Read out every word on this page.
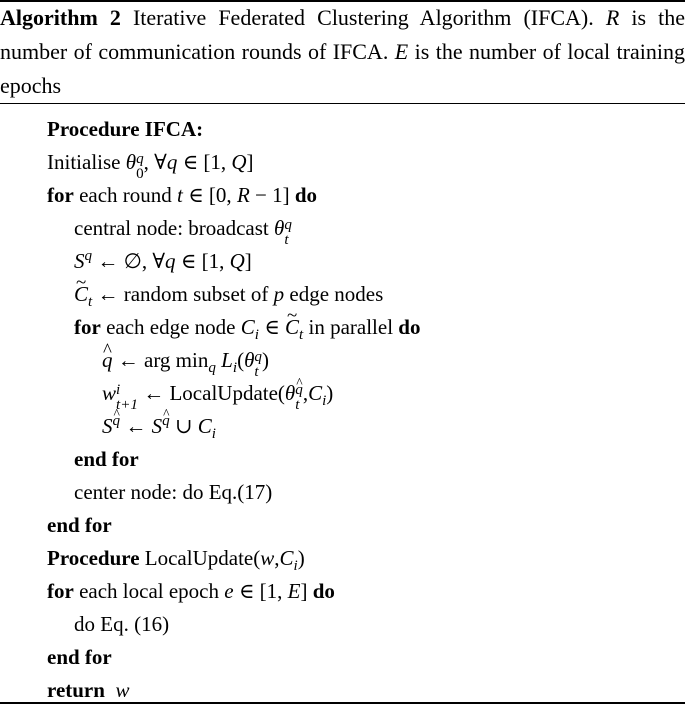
Algorithm 2 Iterative Federated Clustering Algorithm (IFCA). R is the number of communication rounds of IFCA. E is the number of local training epochs
Procedure IFCA:
Initialise θ q
0
, ∀q ∈ [1, Q]
for each round t ∈ [0, R − 1] do
central node: broadcast θ q
t
$S^q$ ← ∅, ∀q ∈ [1, Q]
~ $C_t$ ← random subset of p edge nodes
for each edge node $C_i$ ∈ ~ $C_t$ in parallel do
^ q ← arg $\min_q L_i(\theta$ q
t
)
w i
t+1
← LocalUpdate(θ
^ q
t
$,C_i$)
$S^q$ ← $S^q$ ∪ $C_i$
end for
center node: do Eq.(17)
end for
Procedure $LocalUpdate(w,C_i)$
for each local epoch e ∈ [1, E] do
do Eq. (16)
end for
return w
